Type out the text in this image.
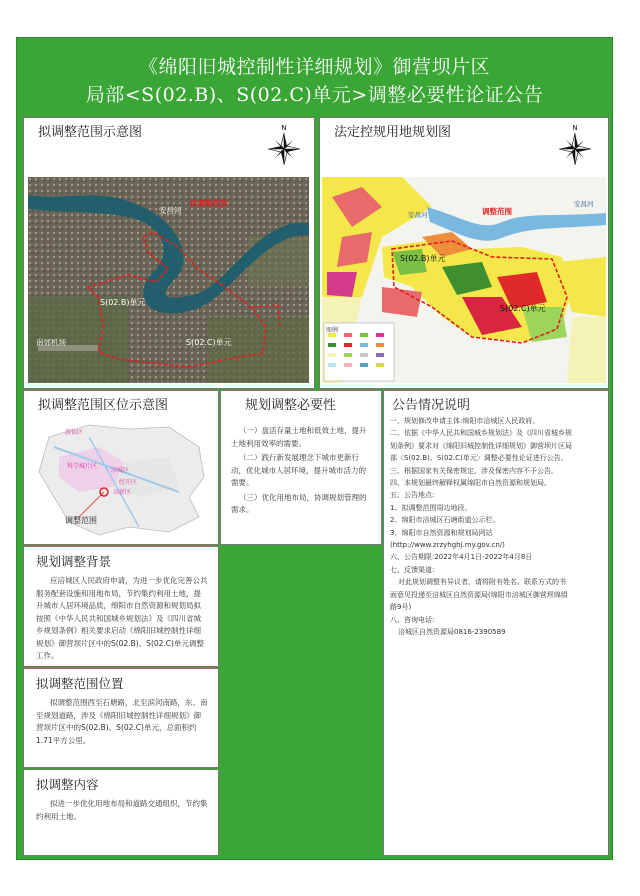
《绵阳旧城控制性详细规划》御营坝片区
局部<S(02.B)、S(02.C)单元>调整必要性论证公告
拟调整范围示意图	N
拟调整范围
安昌河
S(02.B)单元
S(02.C)单元
南郊机场
法定控规用地规划图	N
图例
调整范围
安昌河
安昌河
S(02.B)单元
S(02.C)单元
拟调整范围区位示意图
游仙区
科学城片区
涪城区
经开区
高新区
调整范围
规划调整必要性

（一）盘活存量土地和低效土地，提升土地利用效率的需要。

（二）践行新发展理念下城市更新行动，优化城市人居环境，提升城市活力的需要。

（三）优化用地布局，协调规划管理的需求。

公告情况说明
一、规划修改申请主体:绵阳市涪城区人民政府。
二、依据《中华人民共和国城乡规划法》及《四川省城乡规
划条例》要求对《绵阳旧城控制性详细规划》御营坝片区局
部〈S(02.B)、S(02.C)单元〉调整必要性论证进行公告。
三、根据国家有关保密规定，涉及保密内容不予公告。
四、本规划最终解释权属绵阳市自然资源和规划局。
五、公告地点:
1、拟调整范围周边地段。
2、绵阳市涪城区石塘街道公示栏。
3、绵阳市自然资源和规划局网站
(http://www.zrzyhghj.my.gov.cn/)
六、公告期限:2022年4月1日-2022年4月8日
七、反馈渠道:
对此规划调整有异议者，请将附有姓名、联系方式的书
面意见投递至涪城区自然资源局(绵阳市涪城区御营坝绵绢
路9号)
八、咨询电话:
涪城区自然资源局0816-2390589
规划调整背景
应涪城区人民政府申请，为进一步优化完善公共服务配套设施和用地布局，节约集约利用土地，提升城市人居环境品质，绵阳市自然资源和规划局拟按照《中华人民共和国城乡规划法》及《四川省城乡规划条例》相关要求启动《绵阳旧城控制性详细规划》御营坝片区中的S(02.B)、S(02.C)单元调整工作。
拟调整范围位置
拟调整范围西至石塘路，北至滨河南路，东、南至规划道路，涉及《绵阳旧城控制性详细规划》御营坝片区中的S(02.B)、S(02.C)单元，总面积约1.71平方公里。
拟调整内容
拟进一步优化用地布局和道路交通组织，节约集约利用土地。
